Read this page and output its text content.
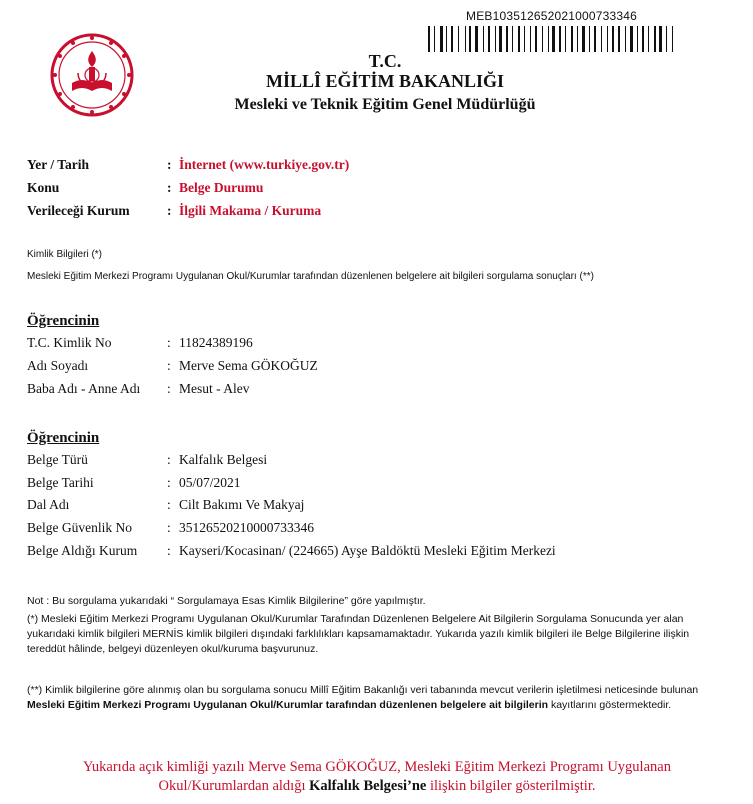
MEB103512652021000733346
T.C.
MİLLÎ EĞİTİM BAKANLIĞI
Mesleki ve Teknik Eğitim Genel Müdürlüğü
Yer / Tarih	: İnternet (www.turkiye.gov.tr)
Konu	: Belge Durumu
Verileceği Kurum	: İlgili Makama / Kuruma
Kimlik Bilgileri (*)
Mesleki Eğitim Merkezi Programı Uygulanan Okul/Kurumlar tarafından düzenlenen belgelere ait bilgileri sorgulama sonuçları (**)
Öğrencinin
T.C. Kimlik No	: 11824389196
Adı Soyadı	: Merve Sema GÖKOĞUZ
Baba Adı - Anne Adı	: Mesut - Alev
Öğrencinin
Belge Türü	: Kalfalık Belgesi
Belge Tarihi	: 05/07/2021
Dal Adı	: Cilt Bakımı Ve Makyaj
Belge Güvenlik No	: 35126520210000733346
Belge Aldığı Kurum	: Kayseri/Kocasinan/ (224665) Ayşe Baldöktü Mesleki Eğitim Merkezi
Not : Bu sorgulama yukarıdaki “ Sorgulamaya Esas Kimlik Bilgilerine” göre yapılmıştır.
(*) Mesleki Eğitim Merkezi Programı Uygulanan Okul/Kurumlar Tarafından Düzenlenen Belgelere Ait Bilgilerin Sorgulama Sonucunda yer alan yukarıdaki kimlik bilgileri MERNİS kimlik bilgileri dışındaki farklılıkları kapsamamaktadır. Yukarıda yazılı kimlik bilgileri ile Belge Bilgilerine ilişkin tereddüt hâlinde, belgeyi düzenleyen okul/kuruma başvurunuz.
(**) Kimlik bilgilerine göre alınmış olan bu sorgulama sonucu Millî Eğitim Bakanlığı veri tabanında mevcut verilerin işletilmesi neticesinde bulunan Mesleki Eğitim Merkezi Programı Uygulanan Okul/Kurumlar tarafından düzenlenen belgelere ait bilgilerin kayıtlarını göstermektedir.
Yukarıda açık kimliği yazılı Merve Sema GÖKOĞUZ, Mesleki Eğitim Merkezi Programı Uygulanan Okul/Kurumlardan aldığı Kalfalık Belgesi’ne ilişkin bilgiler gösterilmiştir.
